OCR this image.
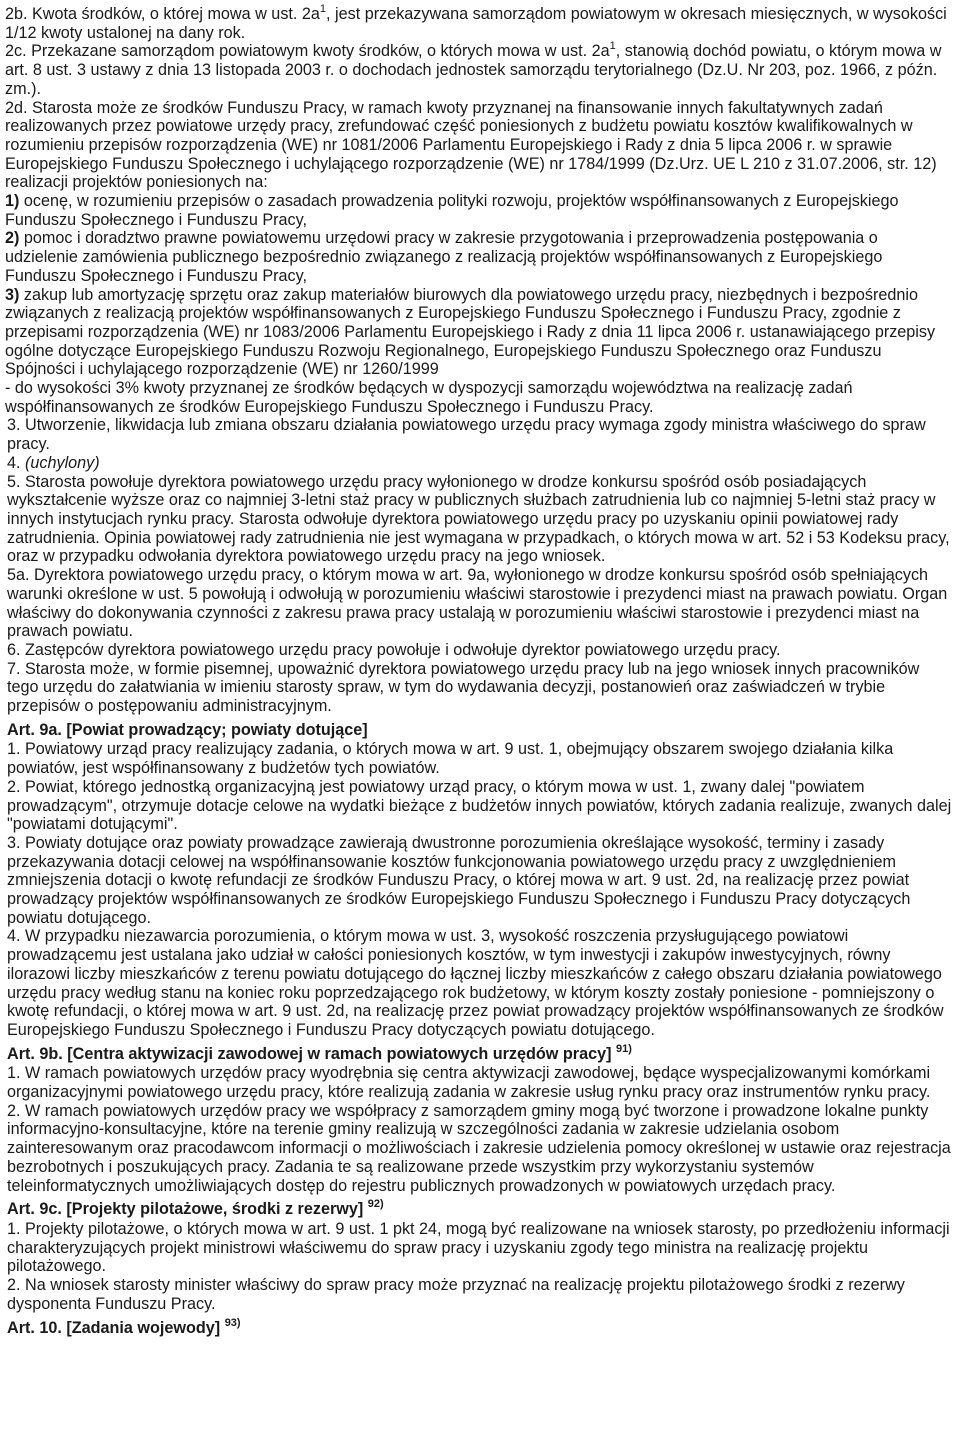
2b. Kwota środków, o której mowa w ust. $2a^1$, jest przekazywana samorządom powiatowym w okresach miesięcznych, w wysokości 1/12 kwoty ustalonej na dany rok.

2c. Przekazane samorządom powiatowym kwoty środków, o których mowa w ust. $2a^1$, stanowią dochód powiatu, o którym mowa w art. 8 ust. 3 ustawy z dnia 13 listopada 2003 r. o dochodach jednostek samorządu terytorialnego (Dz.U. Nr 203, poz. 1966, z późn. zm.).

2d. Starosta może ze środków Funduszu Pracy, w ramach kwoty przyznanej na finansowanie innych fakultatywnych zadań realizowanych przez powiatowe urzędy pracy, zrefundować część poniesionych z budżetu powiatu kosztów kwalifikowalnych w rozumieniu przepisów rozporządzenia (WE) nr 1081/2006 Parlamentu Europejskiego i Rady z dnia 5 lipca 2006 r. w sprawie Europejskiego Funduszu Społecznego i uchylającego rozporządzenie (WE) nr 1784/1999 (Dz.Urz. UE L 210 z 31.07.2006, str. 12) realizacji projektów poniesionych na:

1) ocenę, w rozumieniu przepisów o zasadach prowadzenia polityki rozwoju, projektów współfinansowanych z Europejskiego Funduszu Społecznego i Funduszu Pracy,

2) pomoc i doradztwo prawne powiatowemu urzędowi pracy w zakresie przygotowania i przeprowadzenia postępowania o udzielenie zamówienia publicznego bezpośrednio związanego z realizacją projektów współfinansowanych z Europejskiego Funduszu Społecznego i Funduszu Pracy,

3) zakup lub amortyzację sprzętu oraz zakup materiałów biurowych dla powiatowego urzędu pracy, niezbędnych i bezpośrednio związanych z realizacją projektów współfinansowanych z Europejskiego Funduszu Społecznego i Funduszu Pracy, zgodnie z przepisami rozporządzenia (WE) nr 1083/2006 Parlamentu Europejskiego i Rady z dnia 11 lipca 2006 r. ustanawiającego przepisy ogólne dotyczące Europejskiego Funduszu Rozwoju Regionalnego, Europejskiego Funduszu Społecznego oraz Funduszu Spójności i uchylającego rozporządzenie (WE) nr 1260/1999

- do wysokości 3% kwoty przyznanej ze środków będących w dyspozycji samorządu województwa na realizację zadań współfinansowanych ze środków Europejskiego Funduszu Społecznego i Funduszu Pracy.

3. Utworzenie, likwidacja lub zmiana obszaru działania powiatowego urzędu pracy wymaga zgody ministra właściwego do spraw pracy.

4. (uchylony)

5. Starosta powołuje dyrektora powiatowego urzędu pracy wyłonionego w drodze konkursu spośród osób posiadających wykształcenie wyższe oraz co najmniej 3-letni staż pracy w publicznych służbach zatrudnienia lub co najmniej 5-letni staż pracy w innych instytucjach rynku pracy. Starosta odwołuje dyrektora powiatowego urzędu pracy po uzyskaniu opinii powiatowej rady zatrudnienia. Opinia powiatowej rady zatrudnienia nie jest wymagana w przypadkach, o których mowa w art. 52 i 53 Kodeksu pracy, oraz w przypadku odwołania dyrektora powiatowego urzędu pracy na jego wniosek.

5a. Dyrektora powiatowego urzędu pracy, o którym mowa w art. 9a, wyłonionego w drodze konkursu spośród osób spełniających warunki określone w ust. 5 powołują i odwołują w porozumieniu właściwi starostowie i prezydenci miast na prawach powiatu. Organ właściwy do dokonywania czynności z zakresu prawa pracy ustalają w porozumieniu właściwi starostowie i prezydenci miast na prawach powiatu.

6. Zastępców dyrektora powiatowego urzędu pracy powołuje i odwołuje dyrektor powiatowego urzędu pracy.

7. Starosta może, w formie pisemnej, upoważnić dyrektora powiatowego urzędu pracy lub na jego wniosek innych pracowników tego urzędu do załatwiania w imieniu starosty spraw, w tym do wydawania decyzji, postanowień oraz zaświadczeń w trybie przepisów o postępowaniu administracyjnym.

Art. 9a. [Powiat prowadzący; powiaty dotujące]

1. Powiatowy urząd pracy realizujący zadania, o których mowa w art. 9 ust. 1, obejmujący obszarem swojego działania kilka powiatów, jest współfinansowany z budżetów tych powiatów.

2. Powiat, którego jednostką organizacyjną jest powiatowy urząd pracy, o którym mowa w ust. 1, zwany dalej "powiatem prowadzącym", otrzymuje dotacje celowe na wydatki bieżące z budżetów innych powiatów, których zadania realizuje, zwanych dalej "powiatami dotującymi".

3. Powiaty dotujące oraz powiaty prowadzące zawierają dwustronne porozumienia określające wysokość, terminy i zasady przekazywania dotacji celowej na współfinansowanie kosztów funkcjonowania powiatowego urzędu pracy z uwzględnieniem zmniejszenia dotacji o kwotę refundacji ze środków Funduszu Pracy, o której mowa w art. 9 ust. 2d, na realizację przez powiat prowadzący projektów współfinansowanych ze środków Europejskiego Funduszu Społecznego i Funduszu Pracy dotyczących powiatu dotującego.

4. W przypadku niezawarcia porozumienia, o którym mowa w ust. 3, wysokość roszczenia przysługującego powiatowi prowadzącemu jest ustalana jako udział w całości poniesionych kosztów, w tym inwestycji i zakupów inwestycyjnych, równy ilorazowi liczby mieszkańców z terenu powiatu dotującego do łącznej liczby mieszkańców z całego obszaru działania powiatowego urzędu pracy według stanu na koniec roku poprzedzającego rok budżetowy, w którym koszty zostały poniesione - pomniejszony o kwotę refundacji, o której mowa w art. 9 ust. 2d, na realizację przez powiat prowadzący projektów współfinansowanych ze środków Europejskiego Funduszu Społecznego i Funduszu Pracy dotyczących powiatu dotującego.

Art. 9b. [Centra aktywizacji zawodowej w ramach powiatowych urzędów pracy] $^{91)}$

1. W ramach powiatowych urzędów pracy wyodrębnia się centra aktywizacji zawodowej, będące wyspecjalizowanymi komórkami organizacyjnymi powiatowego urzędu pracy, które realizują zadania w zakresie usług rynku pracy oraz instrumentów rynku pracy.

2. W ramach powiatowych urzędów pracy we współpracy z samorządem gminy mogą być tworzone i prowadzone lokalne punkty informacyjno-konsultacyjne, które na terenie gminy realizują w szczególności zadania w zakresie udzielania osobom zainteresowanym oraz pracodawcom informacji o możliwościach i zakresie udzielenia pomocy określonej w ustawie oraz rejestracja bezrobotnych i poszukujących pracy. Zadania te są realizowane przede wszystkim przy wykorzystaniu systemów teleinformatycznych umożliwiających dostęp do rejestru publicznych prowadzonych w powiatowych urzędach pracy.

Art. 9c. [Projekty pilotażowe, środki z rezerwy] $^{92)}$

1. Projekty pilotażowe, o których mowa w art. 9 ust. 1 pkt 24, mogą być realizowane na wniosek starosty, po przedłożeniu informacji charakteryzujących projekt ministrowi właściwemu do spraw pracy i uzyskaniu zgody tego ministra na realizację projektu pilotażowego.

2. Na wniosek starosty minister właściwy do spraw pracy może przyznać na realizację projektu pilotażowego środki z rezerwy dysponenta Funduszu Pracy.

Art. 10. [Zadania wojewody] $^{93)}$
